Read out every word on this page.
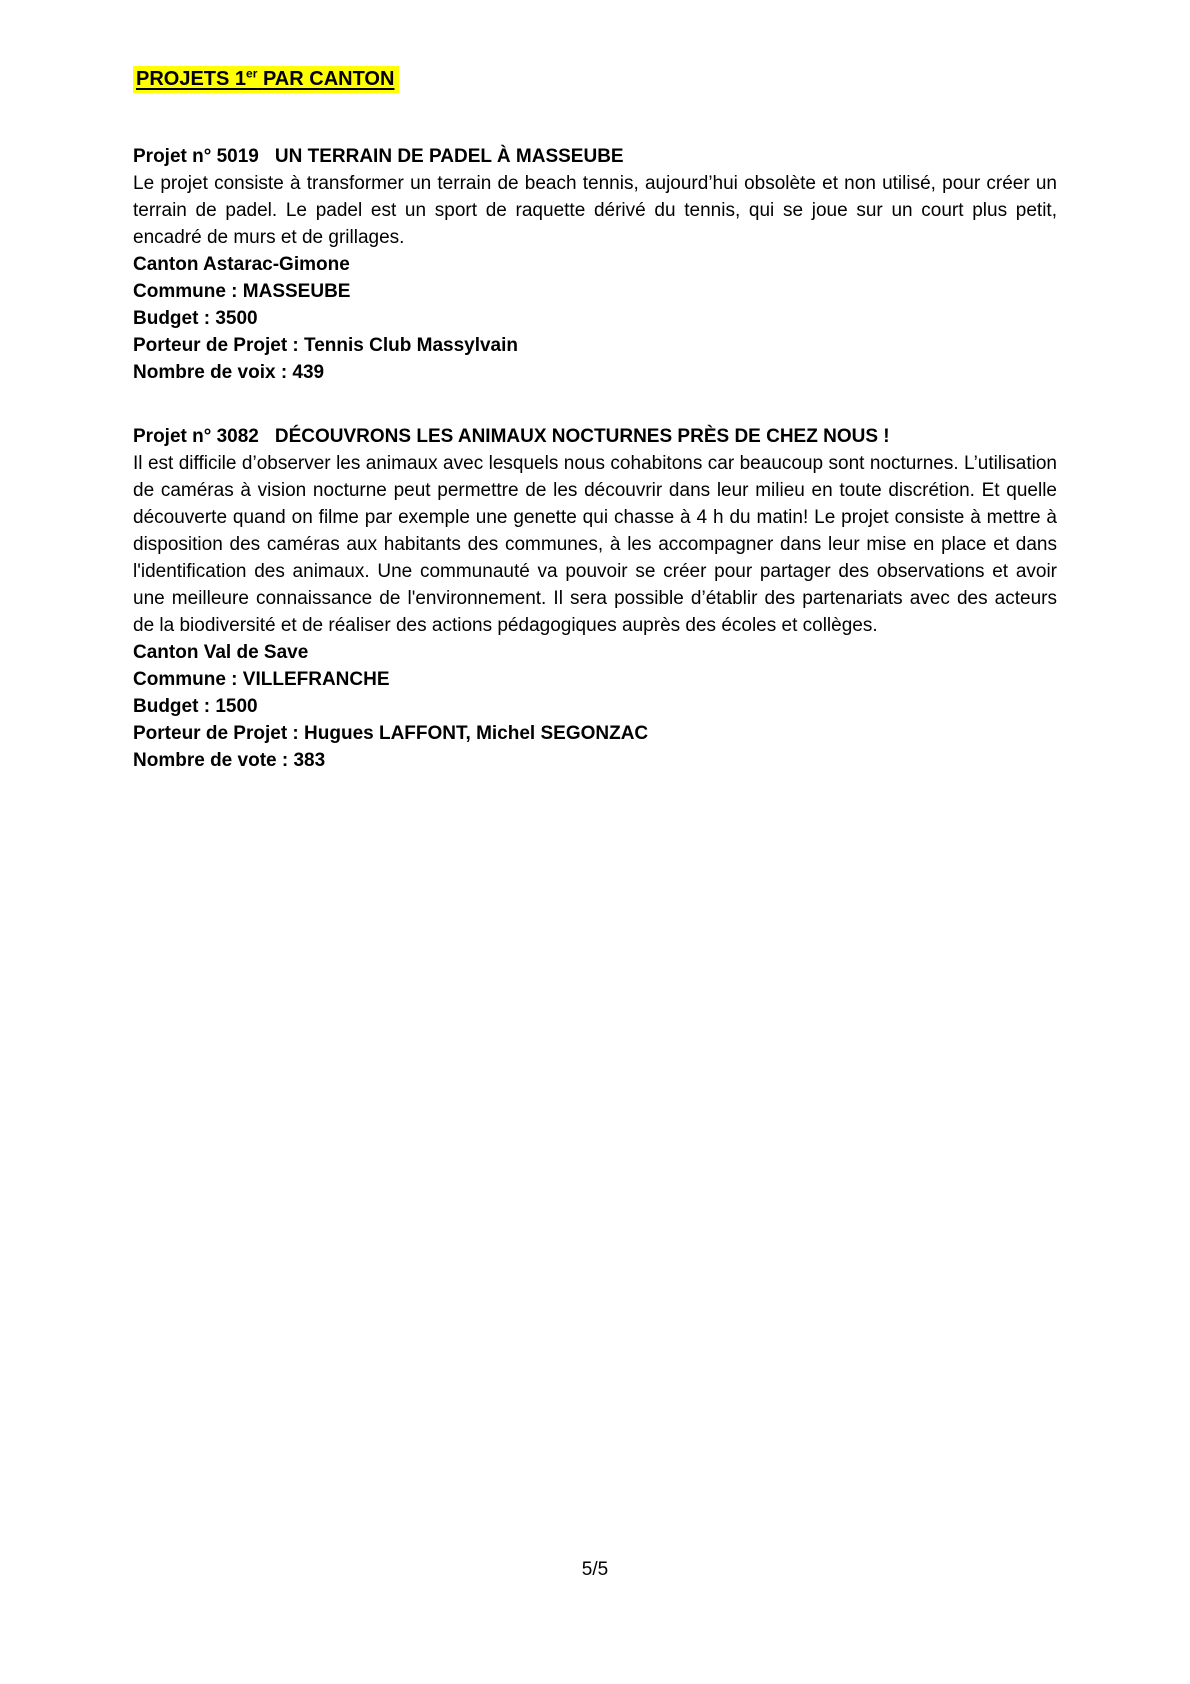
PROJETS 1er PAR CANTON

Projet n° 5019 UN TERRAIN DE PADEL À MASSEUBE

Le projet consiste à transformer un terrain de beach tennis, aujourd’hui obsolète et non utilisé, pour créer un terrain de padel. Le padel est un sport de raquette dérivé du tennis, qui se joue sur un court plus petit, encadré de murs et de grillages.

Canton Astarac-Gimone

Commune : MASSEUBE

Budget : 3500

Porteur de Projet : Tennis Club Massylvain

Nombre de voix : 439

Projet n° 3082 DÉCOUVRONS LES ANIMAUX NOCTURNES PRÈS DE CHEZ NOUS !

Il est difficile d’observer les animaux avec lesquels nous cohabitons car beaucoup sont nocturnes. L’utilisation de caméras à vision nocturne peut permettre de les découvrir dans leur milieu en toute discrétion. Et quelle découverte quand on filme par exemple une genette qui chasse à 4 h du matin! Le projet consiste à mettre à disposition des caméras aux habitants des communes, à les accompagner dans leur mise en place et dans l'identification des animaux. Une communauté va pouvoir se créer pour partager des observations et avoir une meilleure connaissance de l'environnement. Il sera possible d’établir des partenariats avec des acteurs de la biodiversité et de réaliser des actions pédagogiques auprès des écoles et collèges.

Canton Val de Save

Commune : VILLEFRANCHE

Budget : 1500

Porteur de Projet : Hugues LAFFONT, Michel SEGONZAC

Nombre de vote : 383

5/5
